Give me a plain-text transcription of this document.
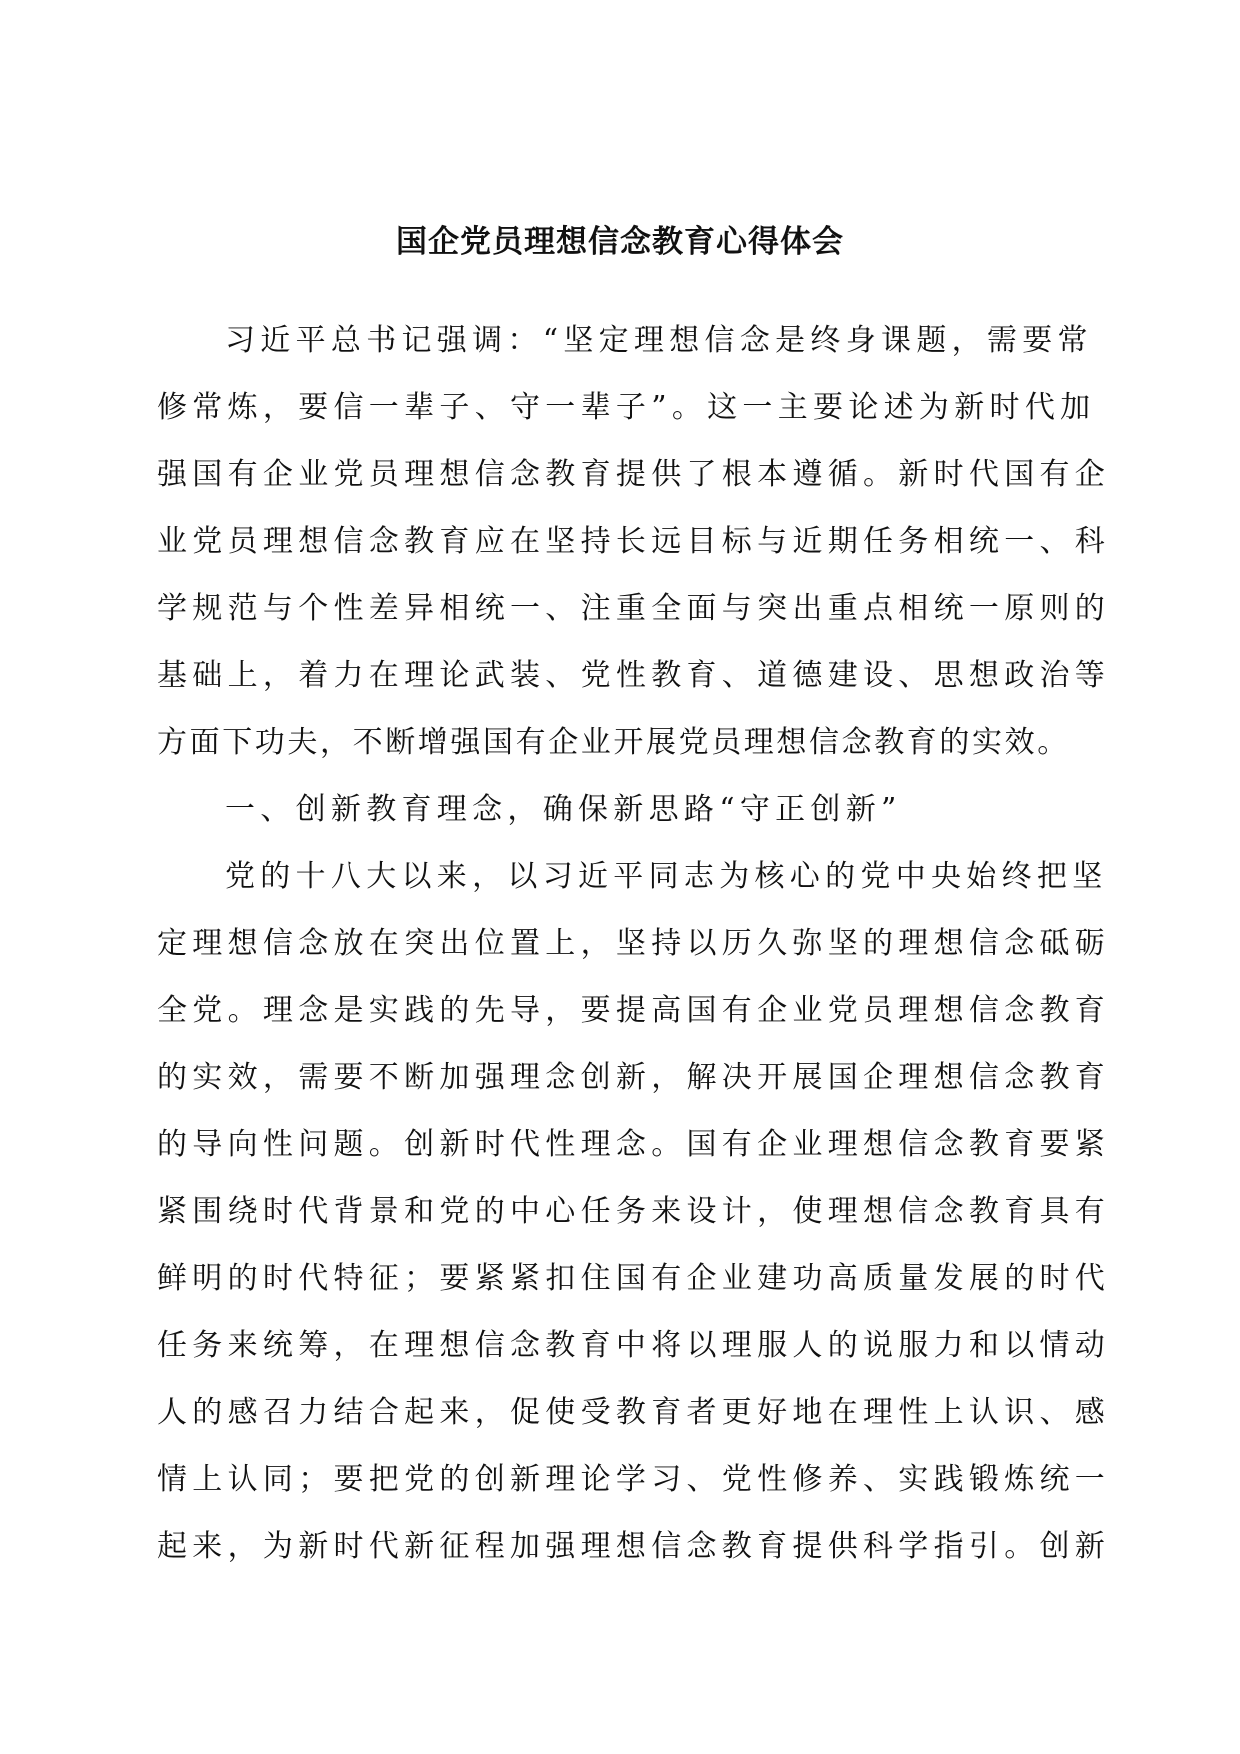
国企党员理想信念教育心得体会
习近平总书记强调：“坚定理想信念是终身课题，需要常
修常炼，要信一辈子、守一辈子”。这一主要论述为新时代加
强国有企业党员理想信念教育提供了根本遵循。新时代国有企
业党员理想信念教育应在坚持长远目标与近期任务相统一、科
学规范与个性差异相统一、注重全面与突出重点相统一原则的
基础上，着力在理论武装、党性教育、道德建设、思想政治等
方面下功夫，不断增强国有企业开展党员理想信念教育的实效。
一、创新教育理念，确保新思路“守正创新”
党的十八大以来，以习近平同志为核心的党中央始终把坚
定理想信念放在突出位置上，坚持以历久弥坚的理想信念砥砺
全党。理念是实践的先导，要提高国有企业党员理想信念教育
的实效，需要不断加强理念创新，解决开展国企理想信念教育
的导向性问题。创新时代性理念。国有企业理想信念教育要紧
紧围绕时代背景和党的中心任务来设计，使理想信念教育具有
鲜明的时代特征；要紧紧扣住国有企业建功高质量发展的时代
任务来统筹，在理想信念教育中将以理服人的说服力和以情动
人的感召力结合起来，促使受教育者更好地在理性上认识、感
情上认同；要把党的创新理论学习、党性修养、实践锻炼统一
起来，为新时代新征程加强理想信念教育提供科学指引。创新
